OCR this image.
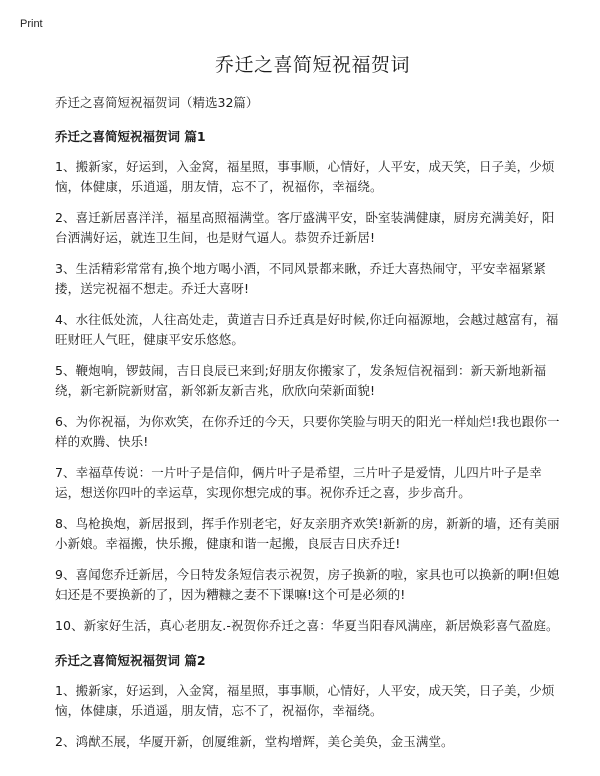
Print
乔迁之喜简短祝福贺词
乔迁之喜简短祝福贺词（精选32篇）
乔迁之喜简短祝福贺词 篇1
1、搬新家，好运到，入金窝，福星照，事事顺，心情好，人平安，成天笑，日子美，少烦恼，体健康，乐逍遥，朋友情，忘不了，祝福你，幸福绕。
2、喜迁新居喜洋洋，福星高照福满堂。客厅盛满平安，卧室装满健康，厨房充满美好，阳台洒满好运，就连卫生间，也是财气逼人。恭贺乔迁新居!
3、生活精彩常常有,换个地方喝小酒，不同风景都来瞅，乔迁大喜热闹守，平安幸福紧紧搂，送完祝福不想走。乔迁大喜呀!
4、水往低处流，人往高处走，黄道吉日乔迁真是好时候,你迁向福源地，会越过越富有，福旺财旺人气旺，健康平安乐悠悠。
5、鞭炮响，锣鼓闹，吉日良辰已来到;好朋友你搬家了，发条短信祝福到：新天新地新福绕，新宅新院新财富，新邻新友新吉兆，欣欣向荣新面貌!
6、为你祝福，为你欢笑，在你乔迁的今天，只要你笑脸与明天的阳光一样灿烂!我也跟你一样的欢腾、快乐!
7、幸福草传说：一片叶子是信仰，俩片叶子是希望，三片叶子是爱情，儿四片叶子是幸运，想送你四叶的幸运草，实现你想完成的事。祝你乔迁之喜，步步高升。
8、鸟枪换炮，新居报到，挥手作别老宅，好友亲朋齐欢笑!新新的房，新新的墙，还有美丽小新娘。幸福搬，快乐搬，健康和谐一起搬，良辰吉日庆乔迁!
9、喜闻您乔迁新居，今日特发条短信表示祝贺，房子换新的啦，家具也可以换新的啊!但媳妇还是不要换新的了，因为糟糠之妻不下课嘛!这个可是必须的!
10、新家好生活，真心老朋友.-祝贺你乔迁之喜：华夏当阳春风满座，新居焕彩喜气盈庭。
乔迁之喜简短祝福贺词 篇2
1、搬新家，好运到，入金窝，福星照，事事顺，心情好，人平安，成天笑，日子美，少烦恼，体健康，乐逍遥，朋友情，忘不了，祝福你，幸福绕。
2、鸿猷丕展，华厦开新，创厦维新，堂构增辉，美仑美奂，金玉满堂。
